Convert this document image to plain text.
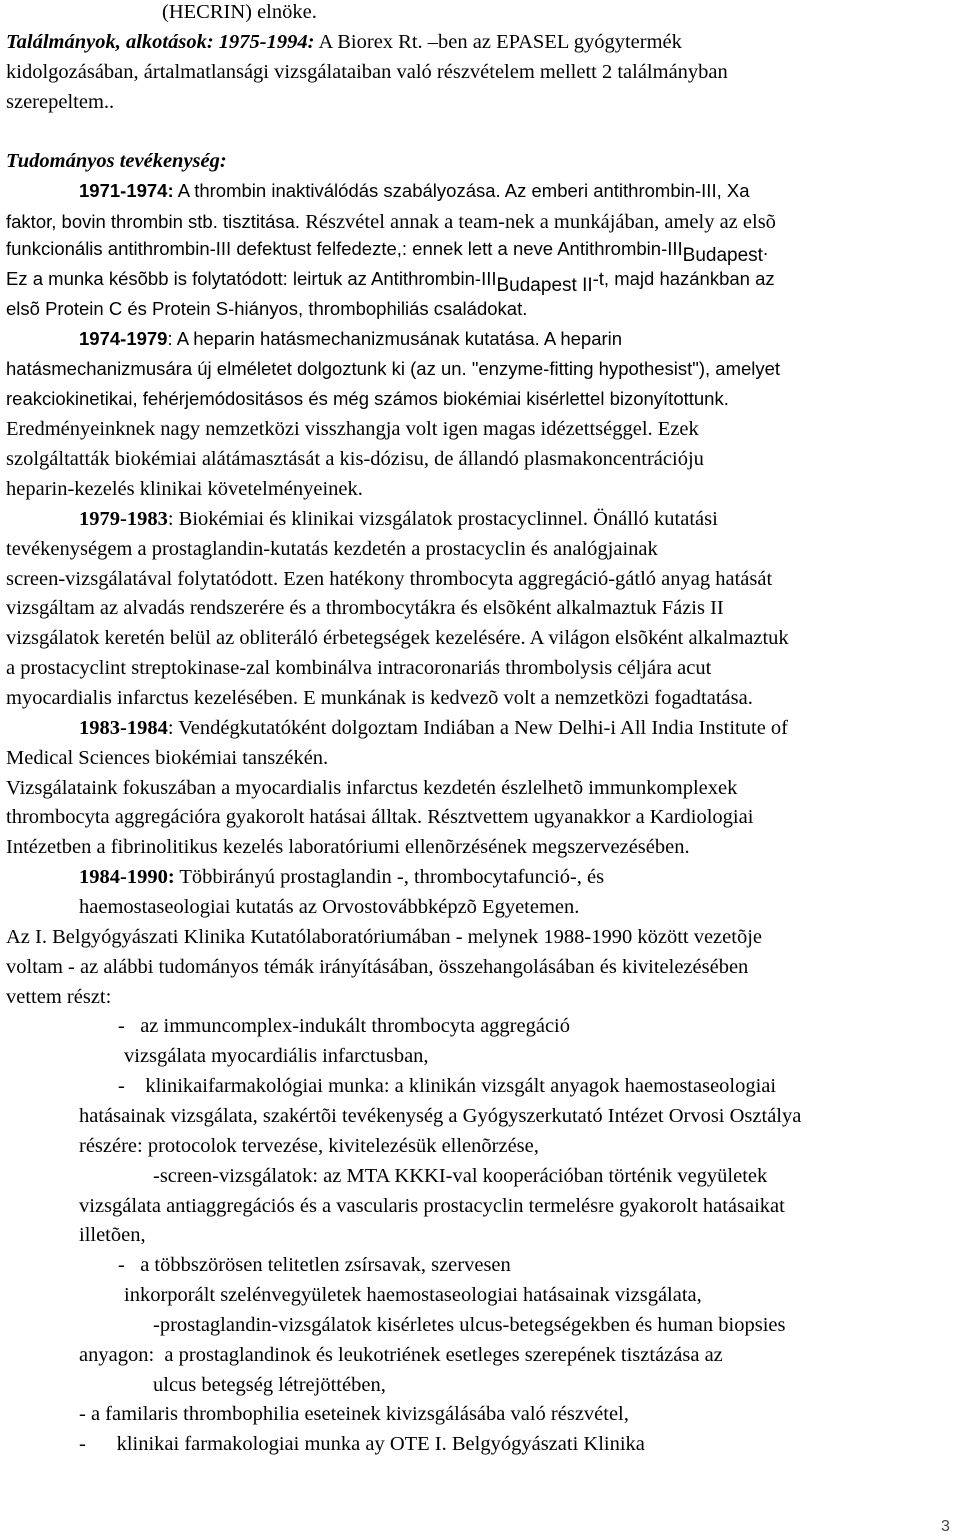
(HECRIN) elnöke.
Találmányok, alkotások: 1975-1994: A Biorex Rt. –ben az EPASEL gyógytermék
kidolgozásában, ártalmatlansági vizsgálataiban való részvételem mellett 2 találmányban
szerepeltem..
Tudományos tevékenység:
1971-1974: A thrombin inaktiválódás szabályozása. Az emberi antithrombin-III, Xa
faktor, bovin thrombin stb. tisztitása. Részvétel annak a team-nek a munkájában, amely az elsõ
funkcionális antithrombin-III defektust felfedezte,: ennek lett a neve Antithrombin-IIIBudapest.
Ez a munka késõbb is folytatódott: leirtuk az Antithrombin-IIIBudapest II-t, majd hazánkban az
elsõ Protein C és Protein S-hiányos, thrombophiliás családokat.
1974-1979: A heparin hatásmechanizmusának kutatása. A heparin
hatásmechanizmusára új elméletet dolgoztunk ki (az un. "enzyme-fitting hypothesist"), amelyet
reakciokinetikai, fehérjemódositásos és még számos biokémiai kisérlettel bizonyítottunk.
Eredményeinknek nagy nemzetközi visszhangja volt igen magas idézettséggel. Ezek
szolgáltatták biokémiai alátámasztását a kis-dózisu, de állandó plasmakoncentrációju
heparin-kezelés klinikai követelményeinek.
1979-1983: Biokémiai és klinikai vizsgálatok prostacyclinnel. Önálló kutatási
tevékenységem a prostaglandin-kutatás kezdetén a prostacyclin és analógjainak
screen-vizsgálatával folytatódott. Ezen hatékony thrombocyta aggregáció-gátló anyag hatását
vizsgáltam az alvadás rendszerére és a thrombocytákra és elsõként alkalmaztuk Fázis II
vizsgálatok keretén belül az obliteráló érbetegségek kezelésére. A világon elsõként alkalmaztuk
a prostacyclint streptokinase-zal kombinálva intracoronariás thrombolysis céljára acut
myocardialis infarctus kezelésében. E munkának is kedvezõ volt a nemzetközi fogadtatása.
1983-1984: Vendégkutatóként dolgoztam Indiában a New Delhi-i All India Institute of
Medical Sciences biokémiai tanszékén.
Vizsgálataink fokuszában a myocardialis infarctus kezdetén észlelhetõ immunkomplexek
thrombocyta aggregációra gyakorolt hatásai álltak. Résztvettem ugyanakkor a Kardiologiai
Intézetben a fibrinolitikus kezelés laboratóriumi ellenõrzésének megszervezésében.
1984-1990: Többirányú prostaglandin -, thrombocytafunció-, és
haemostaseologiai kutatás az Orvostovábbképzõ Egyetemen.
Az I. Belgyógyászati Klinika Kutatólaboratóriumában - melynek 1988-1990 között vezetõje
voltam - az alábbi tudományos témák irányításában, összehangolásában és kivitelezésében
vettem részt:
-   az immuncomplex-indukált thrombocyta aggregáció
vizsgálata myocardiális infarctusban,
-    klinikaifarmakológiai munka: a klinikán vizsgált anyagok haemostaseologiai
hatásainak vizsgálata, szakértõi tevékenység a Gyógyszerkutató Intézet Orvosi Osztálya
részére: protocolok tervezése, kivitelezésük ellenõrzése,
-screen-vizsgálatok: az MTA KKKI-val kooperációban történik vegyületek
vizsgálata antiaggregációs és a vascularis prostacyclin termelésre gyakorolt hatásaikat
illetõen,
-   a többszörösen telitetlen zsírsavak, szervesen
inkorporált szelénvegyületek haemostaseologiai hatásainak vizsgálata,
-prostaglandin-vizsgálatok kisérletes ulcus-betegségekben és human biopsies
anyagon:  a prostaglandinok és leukotriének esetleges szerepének tisztázása az
ulcus betegség létrejöttében,
- a familaris thrombophilia eseteinek kivizsgálásába való részvétel,
-      klinikai farmakologiai munka ay OTE I. Belgyógyászati Klinika
3
